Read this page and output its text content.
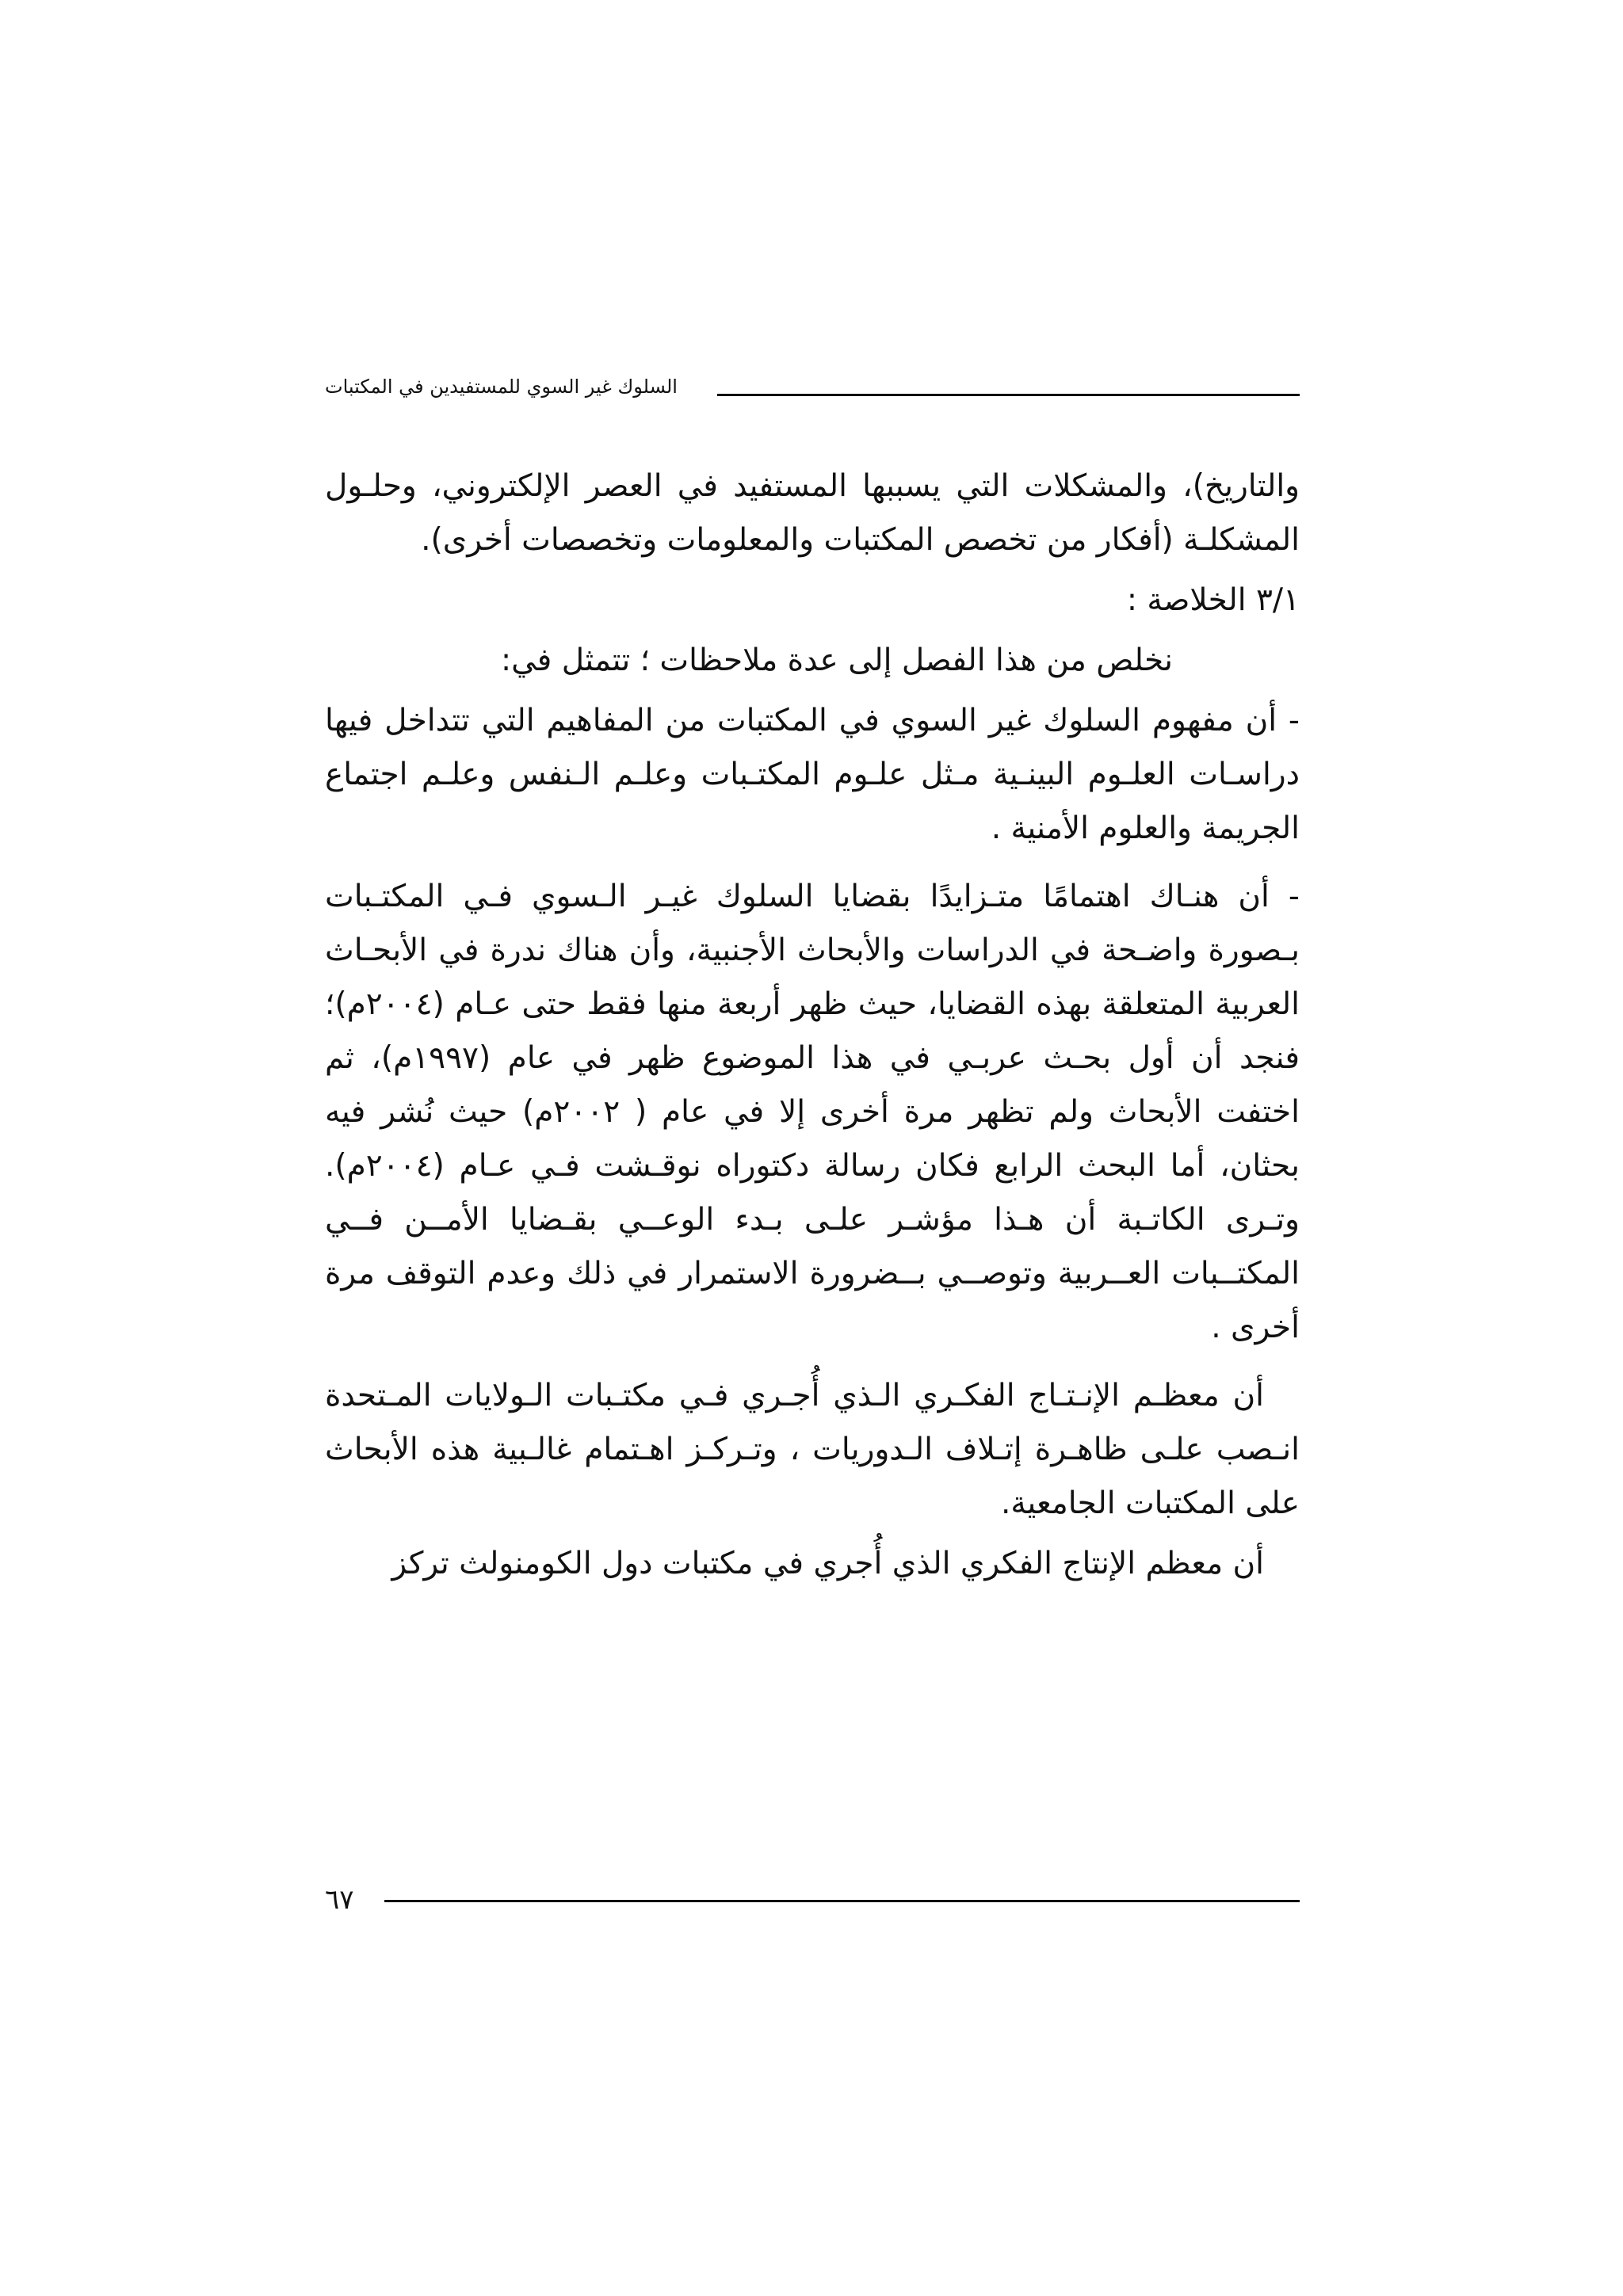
السلوك غير السوي للمستفيدين في المكتبات

والتاريخ)، والمشكلات التي يسببها المستفيد في العصر الإلكتروني، وحلـول المشكلـة (أفكار من تخصص المكتبات والمعلومات وتخصصات أخرى).

٣/١ الخلاصة :

نخلص من هذا الفصل إلى عدة ملاحظات ؛ تتمثل في:

- أن مفهوم السلوك غير السوي في المكتبات من المفاهيم التي تتداخل فيها دراسـات العلـوم البينـية مـثل علـوم المكتـبات وعلـم الـنفس وعلـم اجتماع الجريمة والعلوم الأمنية .
- أن هنـاك اهتمامًا متـزايدًا بقضايا السلوك غيـر الـسوي فـي المكتـبات بـصورة واضـحة في الدراسات والأبحاث الأجنبية، وأن هناك ندرة في الأبحـاث العربية المتعلقة بهذه القضايا، حيث ظهر أربعة منها فقط حتى عـام (٢٠٠٤م)؛ فنجد أن أول بحـث عربـي في هذا الموضوع ظهر في عام (١٩٩٧م)، ثم اختفت الأبحاث ولم تظهر مرة أخرى إلا في عام ( ٢٠٠٢م) حيث نُشر فيه بحثان، أما البحث الرابع فكان رسالة دكتوراه نوقـشت فـي عـام (٢٠٠٤م). وتـرى الكاتـبة أن هـذا مؤشـر علـى بـدء الوعــي بقـضايا الأمــن فــي المكتــبات العــربية وتوصــي بــضرورة الاستمرار في ذلك وعدم التوقف مرة أخرى .

أن معظـم الإنـتـاج الفكـري الـذي أُجـري فـي مكتـبات الـولايات المـتحدة انـصب علـى ظاهـرة إتـلاف الـدوريات ، وتـركـز اهـتمام غالـبية هذه الأبحاث على المكتبات الجامعية.

أن معظم الإنتاج الفكري الذي أُجري في مكتبات دول الكومنولث تركز

٦٧
